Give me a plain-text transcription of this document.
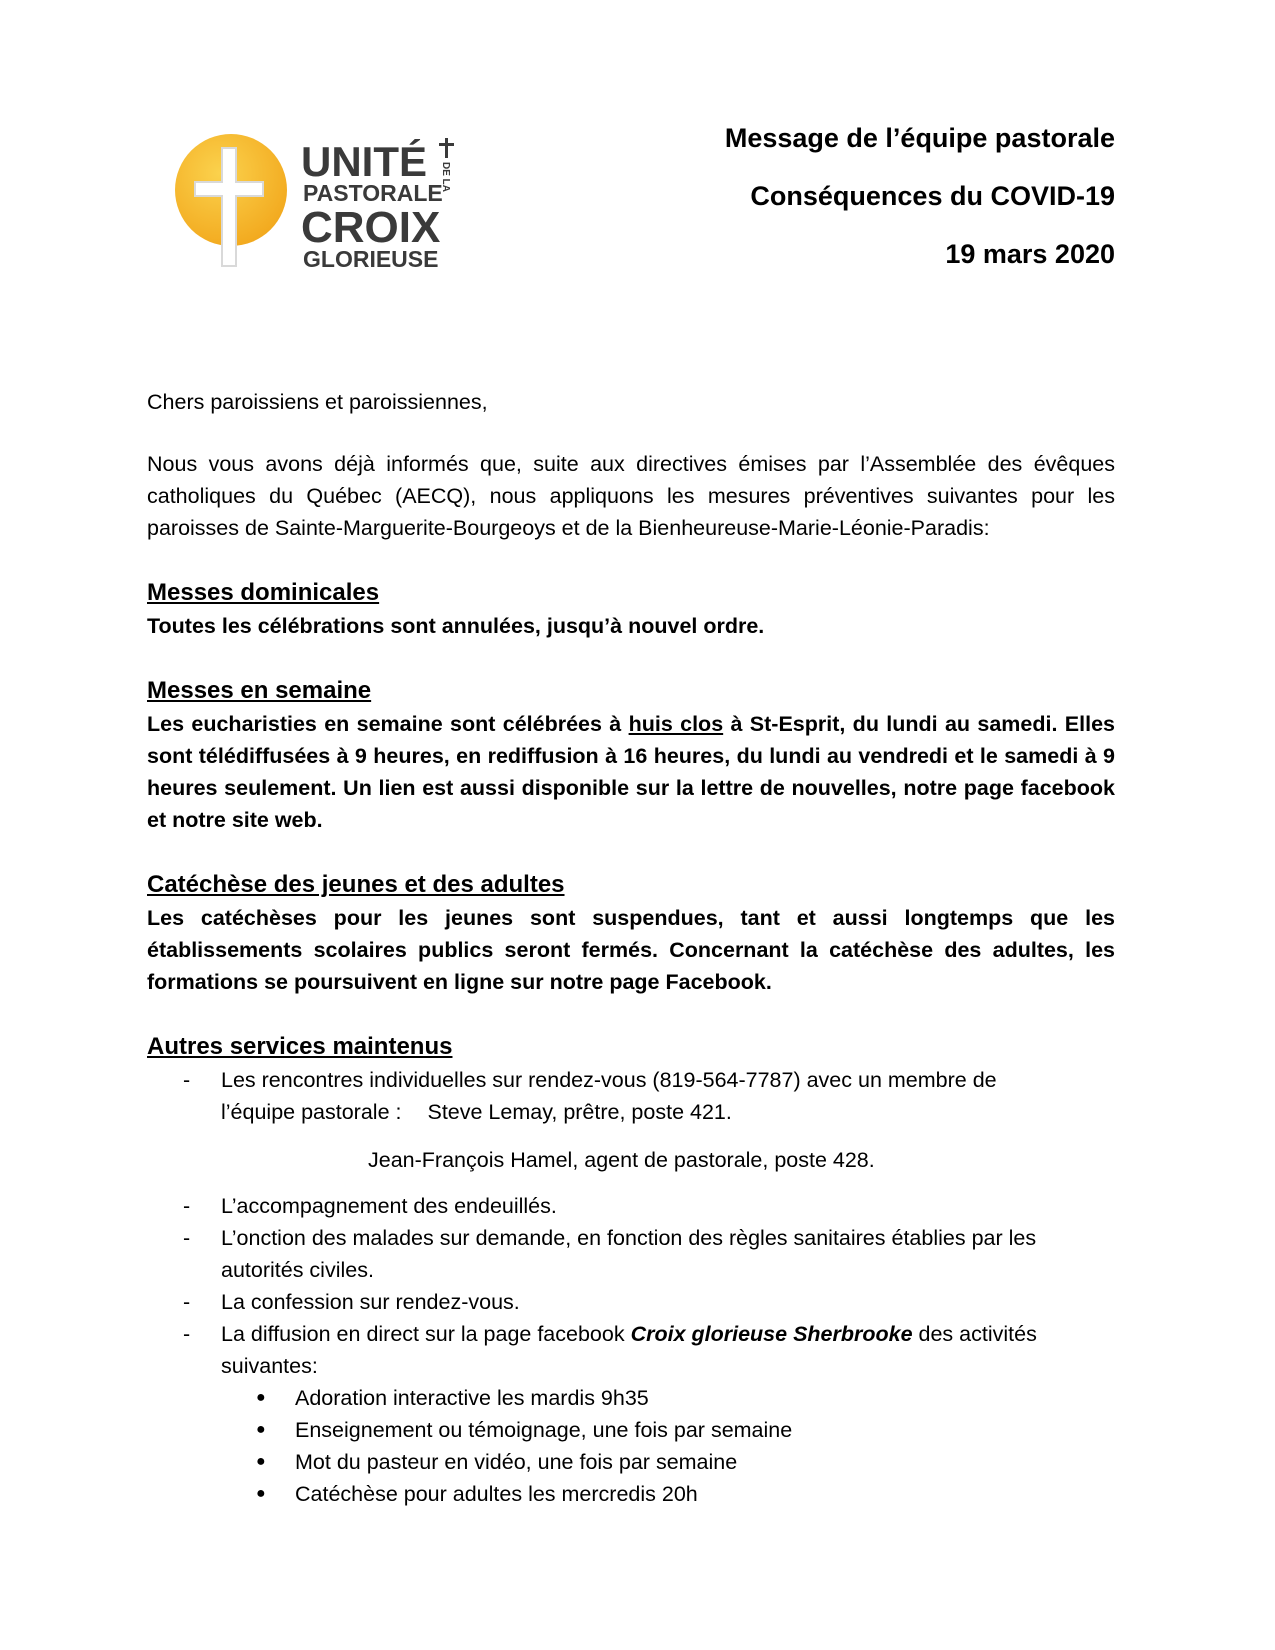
UNITÉ
PASTORALE
CROIX
GLORIEUSE
DE LA
Message de l’équipe pastorale
Conséquences du COVID-19
19 mars 2020

Chers paroissiens et paroissiennes,

Nous vous avons déjà informés que, suite aux directives émises par l’Assemblée des évêques catholiques du Québec (AECQ), nous appliquons les mesures préventives suivantes pour les paroisses de Sainte-Marguerite-Bourgeoys et de la Bienheureuse-Marie-Léonie-Paradis:

Messes dominicales

Toutes les célébrations sont annulées, jusqu’à nouvel ordre.

Messes en semaine

Les eucharisties en semaine sont célébrées à huis clos à St-Esprit, du lundi au samedi. Elles sont télédiffusées à 9 heures, en rediffusion à 16 heures, du lundi au vendredi et le samedi à 9 heures seulement. Un lien est aussi disponible sur la lettre de nouvelles, notre page facebook et notre site web.

Catéchèse des jeunes et des adultes

Les catéchèses pour les jeunes sont suspendues, tant et aussi longtemps que les établissements scolaires publics seront fermés. Concernant la catéchèse des adultes, les formations se poursuivent en ligne sur notre page Facebook.

Autres services maintenus
- Les rencontres individuelles sur rendez-vous (819-564-7787) avec un membre de
l’équipe pastorale : Steve Lemay, prêtre, poste 421.

Jean-François Hamel, agent de pastorale, poste 428.

- L’accompagnement des endeuillés.
- L’onction des malades sur demande, en fonction des règles sanitaires établies par les autorités civiles.
- La confession sur rendez-vous.
- La diffusion en direct sur la page facebook Croix glorieuse Sherbrooke des activités suivantes:
● Adoration interactive les mardis 9h35
● Enseignement ou témoignage, une fois par semaine
● Mot du pasteur en vidéo, une fois par semaine
● Catéchèse pour adultes les mercredis 20h
